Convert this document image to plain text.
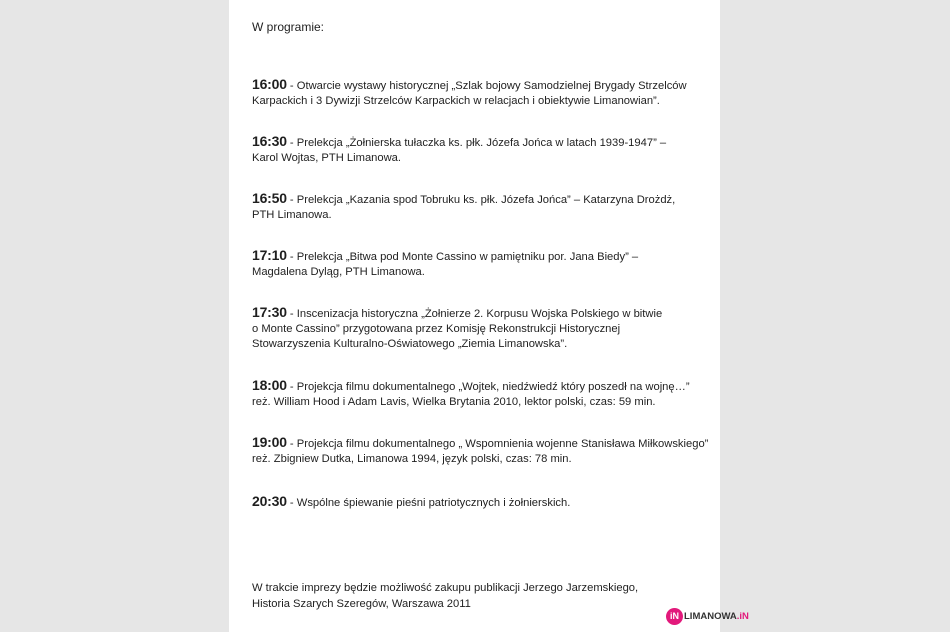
W programie:
16:00 - Otwarcie wystawy historycznej „Szlak bojowy Samodzielnej Brygady Strzelców
Karpackich i 3 Dywizji Strzelców Karpackich w relacjach i obiektywie Limanowian”.
16:30 - Prelekcja „Żołnierska tułaczka ks. płk. Józefa Jońca w latach 1939-1947” –
Karol Wojtas, PTH Limanowa.
16:50 - Prelekcja „Kazania spod Tobruku ks. płk. Józefa Jońca” – Katarzyna Drożdż,
PTH Limanowa.
17:10 - Prelekcja „Bitwa pod Monte Cassino w pamiętniku por. Jana Biedy” –
Magdalena Dyląg, PTH Limanowa.
17:30 - Inscenizacja historyczna „Żołnierze 2. Korpusu Wojska Polskiego w bitwie
o Monte Cassino” przygotowana przez Komisję Rekonstrukcji Historycznej
Stowarzyszenia Kulturalno-Oświatowego „Ziemia Limanowska”.
18:00 - Projekcja filmu dokumentalnego „Wojtek, niedźwiedź który poszedł na wojnę…”
reż. William Hood i Adam Lavis, Wielka Brytania 2010, lektor polski, czas: 59 min.
19:00 - Projekcja filmu dokumentalnego „ Wspomnienia wojenne Stanisława Miłkowskiego”
reż. Zbigniew Dutka, Limanowa 1994, język polski, czas: 78 min.
20:30 - Wspólne śpiewanie pieśni patriotycznych i żołnierskich.
W trakcie imprezy będzie możliwość zakupu publikacji Jerzego Jarzemskiego,
Historia Szarych Szeregów, Warszawa 2011
iN LIMANOWA.iN
